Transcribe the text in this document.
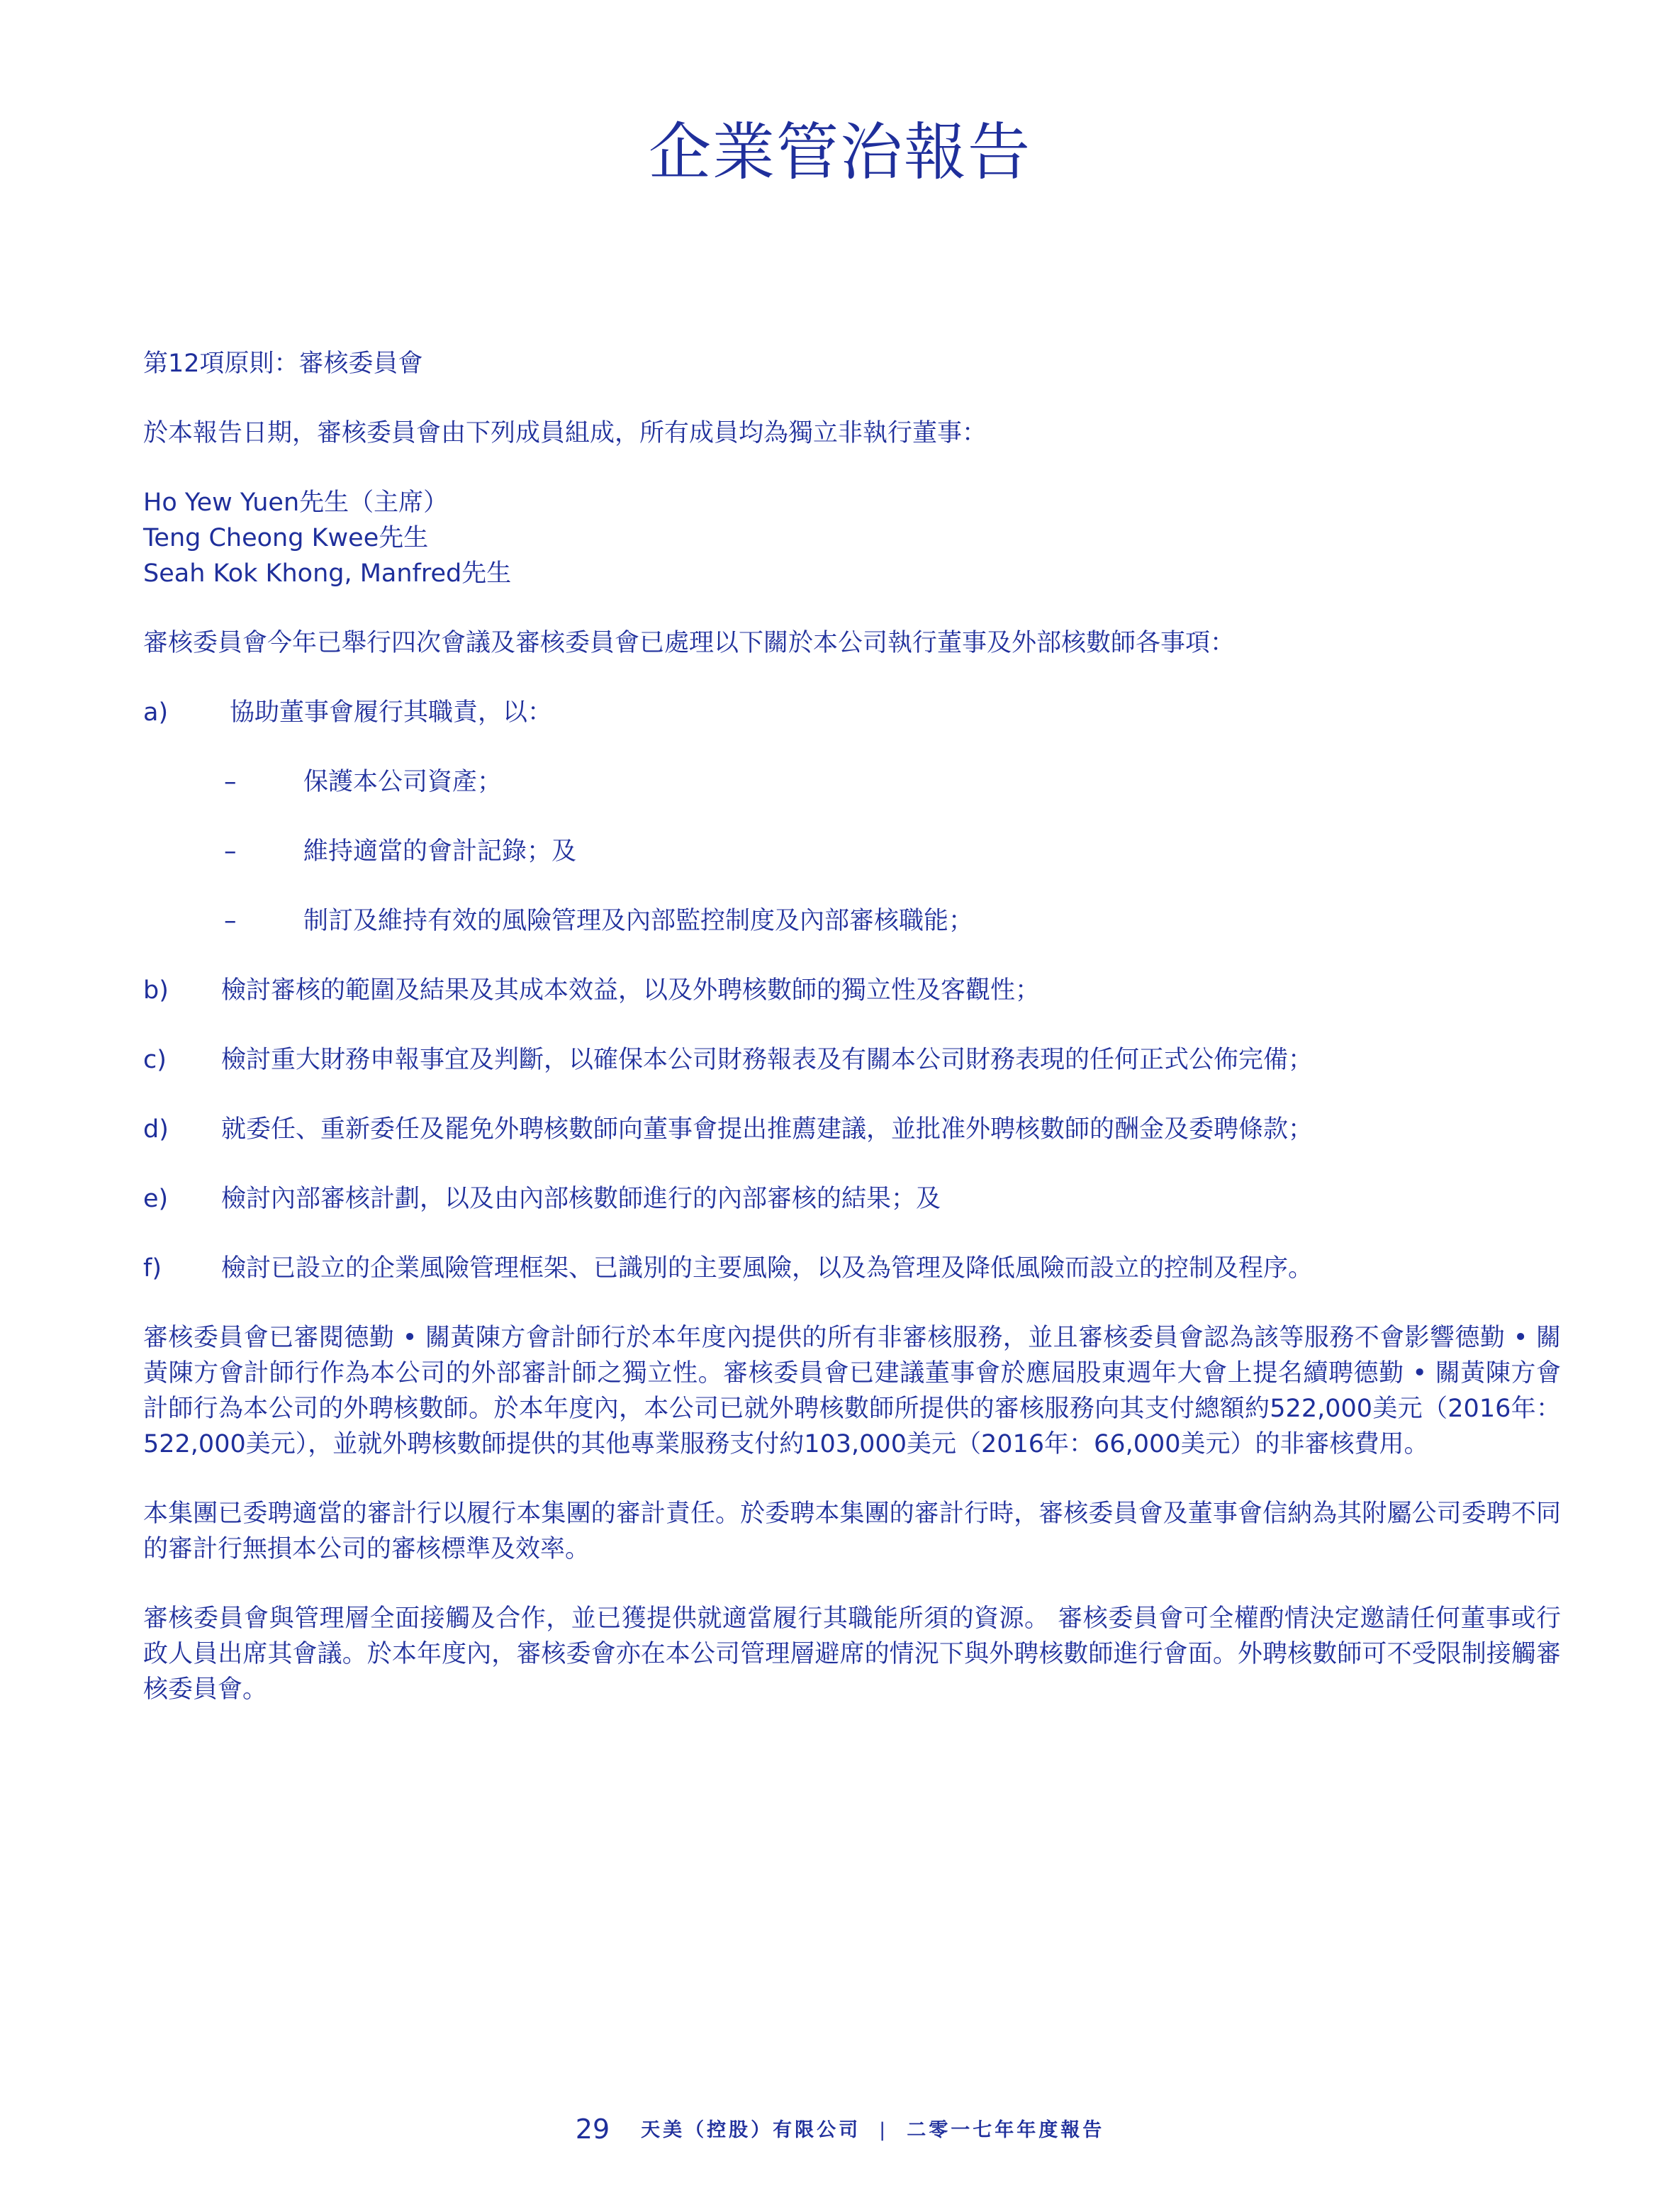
企業管治報告

第12項原則：審核委員會

於本報告日期，審核委員會由下列成員組成，所有成員均為獨立非執行董事：

Ho Yew Yuen先生（主席）
Teng Cheong Kwee先生
Seah Kok Khong, Manfred先生

審核委員會今年已舉行四次會議及審核委員會已處理以下關於本公司執行董事及外部核數師各事項：

a)	協助董事會履行其職責，以：
–	保護本公司資產；
–	維持適當的會計記錄；及
–	制訂及維持有效的風險管理及內部監控制度及內部審核職能；
b)	檢討審核的範圍及結果及其成本效益，以及外聘核數師的獨立性及客觀性；
c)	檢討重大財務申報事宜及判斷，以確保本公司財務報表及有關本公司財務表現的任何正式公佈完備；
d)	就委任、重新委任及罷免外聘核數師向董事會提出推薦建議，並批准外聘核數師的酬金及委聘條款；
e)	檢討內部審核計劃，以及由內部核數師進行的內部審核的結果；及
f)	檢討已設立的企業風險管理框架、已識別的主要風險，以及為管理及降低風險而設立的控制及程序。

審核委員會已審閱德勤 • 關黃陳方會計師行於本年度內提供的所有非審核服務，並且審核委員會認為該等服務不會影響德勤 • 關黃陳方會計師行作為本公司的外部審計師之獨立性。審核委員會已建議董事會於應屆股東週年大會上提名續聘德勤 • 關黃陳方會計師行為本公司的外聘核數師。於本年度內，本公司已就外聘核數師所提供的審核服務向其支付總額約522,000美元（2016年：522,000美元），並就外聘核數師提供的其他專業服務支付約103,000美元（2016年：66,000美元）的非審核費用。

本集團已委聘適當的審計行以履行本集團的審計責任。於委聘本集團的審計行時，審核委員會及董事會信納為其附屬公司委聘不同的審計行無損本公司的審核標準及效率。

審核委員會與管理層全面接觸及合作，並已獲提供就適當履行其職能所須的資源。 審核委員會可全權酌情決定邀請任何董事或行政人員出席其會議。於本年度內，審核委會亦在本公司管理層避席的情況下與外聘核數師進行會面。外聘核數師可不受限制接觸審核委員會。

29 天美（控股）有限公司 | 二零一七年年度報告
